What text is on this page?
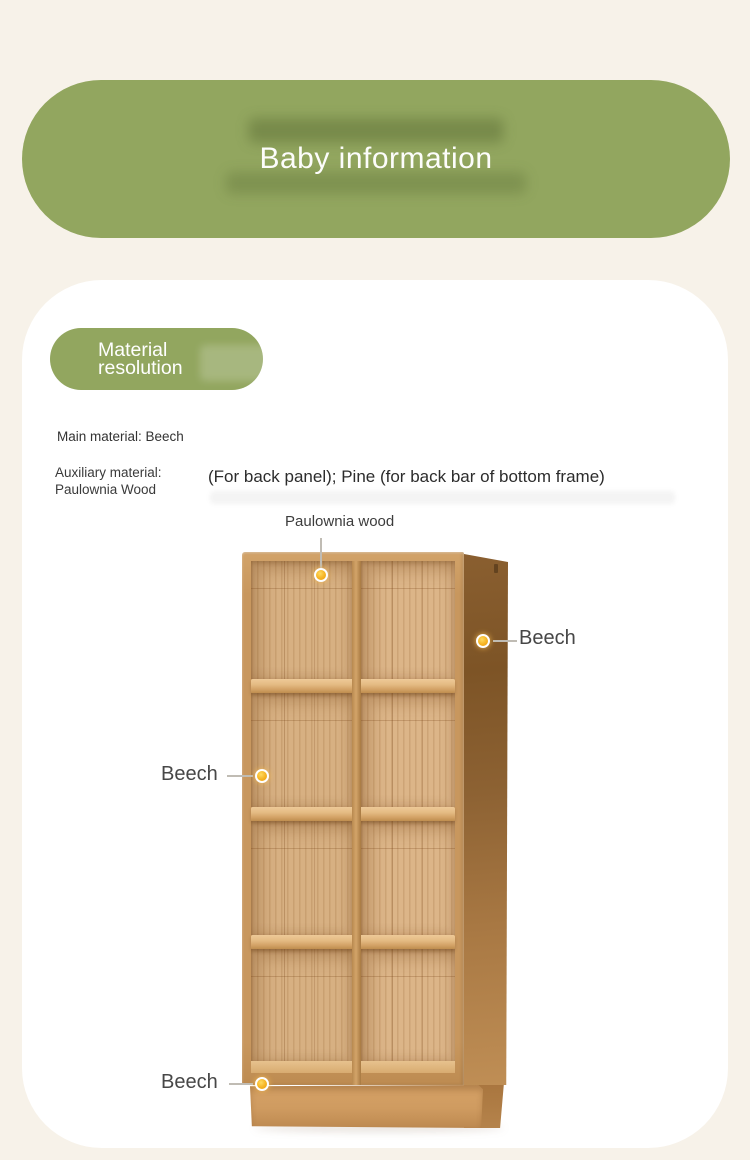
Baby information
Material
resolution
Main material: Beech
Auxiliary material:
Paulownia Wood
(For back panel); Pine (for back bar of bottom frame)
Paulownia wood
Beech
Beech
Beech
